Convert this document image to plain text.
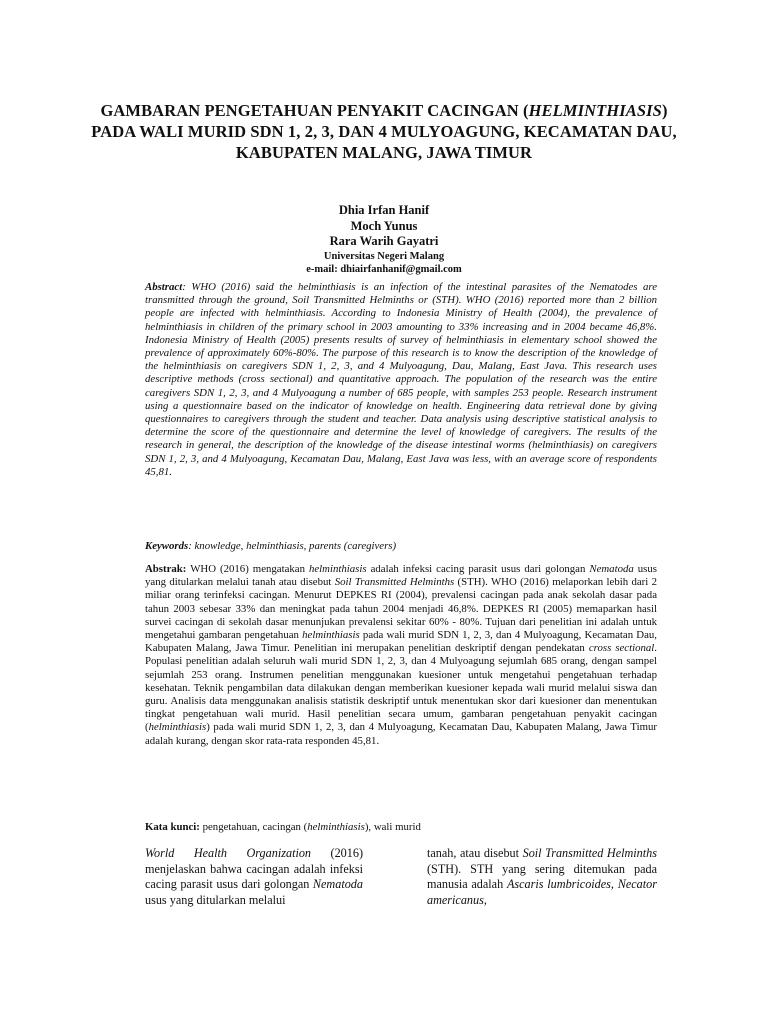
GAMBARAN PENGETAHUAN PENYAKIT CACINGAN (HELMINTHIASIS)
PADA WALI MURID SDN 1, 2, 3, DAN 4 MULYOAGUNG, KECAMATAN DAU,
KABUPATEN MALANG, JAWA TIMUR
Dhia Irfan Hanif
Moch Yunus
Rara Warih Gayatri
Universitas Negeri Malang
e-mail: dhiairfanhanif@gmail.com
Abstract: WHO (2016) said the helminthiasis is an infection of the intestinal parasites of the Nematodes are transmitted through the ground, Soil Transmitted Helminths or (STH). WHO (2016) reported more than 2 billion people are infected with helminthiasis. According to Indonesia Ministry of Health (2004), the prevalence of helminthiasis in children of the primary school in 2003 amounting to 33% increasing and in 2004 became 46,8%. Indonesia Ministry of Health (2005) presents results of survey of helminthiasis in elementary school showed the prevalence of approximately 60%-80%. The purpose of this research is to know the description of the knowledge of the helminthiasis on caregivers SDN 1, 2, 3, and 4 Mulyoagung, Dau, Malang, East Java. This research uses descriptive methods (cross sectional) and quantitative approach. The population of the research was the entire caregivers SDN 1, 2, 3, and 4 Mulyoagung a number of 685 people, with samples 253 people. Research instrument using a questionnaire based on the indicator of knowledge on health. Engineering data retrieval done by giving questionnaires to caregivers through the student and teacher. Data analysis using descriptive statistical analysis to determine the score of the questionnaire and determine the level of knowledge of caregivers. The results of the research in general, the description of the knowledge of the disease intestinal worms (helminthiasis) on caregivers SDN 1, 2, 3, and 4 Mulyoagung, Kecamatan Dau, Malang, East Java was less, with an average score of respondents 45,81.
Keywords: knowledge, helminthiasis, parents (caregivers)
Abstrak: WHO (2016) mengatakan helminthiasis adalah infeksi cacing parasit usus dari golongan Nematoda usus yang ditularkan melalui tanah atau disebut Soil Transmitted Helminths (STH). WHO (2016) melaporkan lebih dari 2 miliar orang terinfeksi cacingan. Menurut DEPKES RI (2004), prevalensi cacingan pada anak sekolah dasar pada tahun 2003 sebesar 33% dan meningkat pada tahun 2004 menjadi 46,8%. DEPKES RI (2005) memaparkan hasil survei cacingan di sekolah dasar menunjukan prevalensi sekitar 60% - 80%. Tujuan dari penelitian ini adalah untuk mengetahui gambaran pengetahuan helminthiasis pada wali murid SDN 1, 2, 3, dan 4 Mulyoagung, Kecamatan Dau, Kabupaten Malang, Jawa Timur. Penelitian ini merupakan penelitian deskriptif dengan pendekatan cross sectional. Populasi penelitian adalah seluruh wali murid SDN 1, 2, 3, dan 4 Mulyoagung sejumlah 685 orang, dengan sampel sejumlah 253 orang. Instrumen penelitian menggunakan kuesioner untuk mengetahui pengetahuan terhadap kesehatan. Teknik pengambilan data dilakukan dengan memberikan kuesioner kepada wali murid melalui siswa dan guru. Analisis data menggunakan analisis statistik deskriptif untuk menentukan skor dari kuesioner dan menentukan tingkat pengetahuan wali murid. Hasil penelitian secara umum, gambaran pengetahuan penyakit cacingan (helminthiasis) pada wali murid SDN 1, 2, 3, dan 4 Mulyoagung, Kecamatan Dau, Kabupaten Malang, Jawa Timur adalah kurang, dengan skor rata-rata responden 45,81.
Kata kunci: pengetahuan, cacingan (helminthiasis), wali murid
World Health Organization (2016) menjelaskan bahwa cacingan adalah infeksi cacing parasit usus dari golongan Nematoda usus yang ditularkan melalui
tanah, atau disebut Soil Transmitted Helminths (STH). STH yang sering ditemukan pada manusia adalah Ascaris lumbricoides, Necator americanus,
